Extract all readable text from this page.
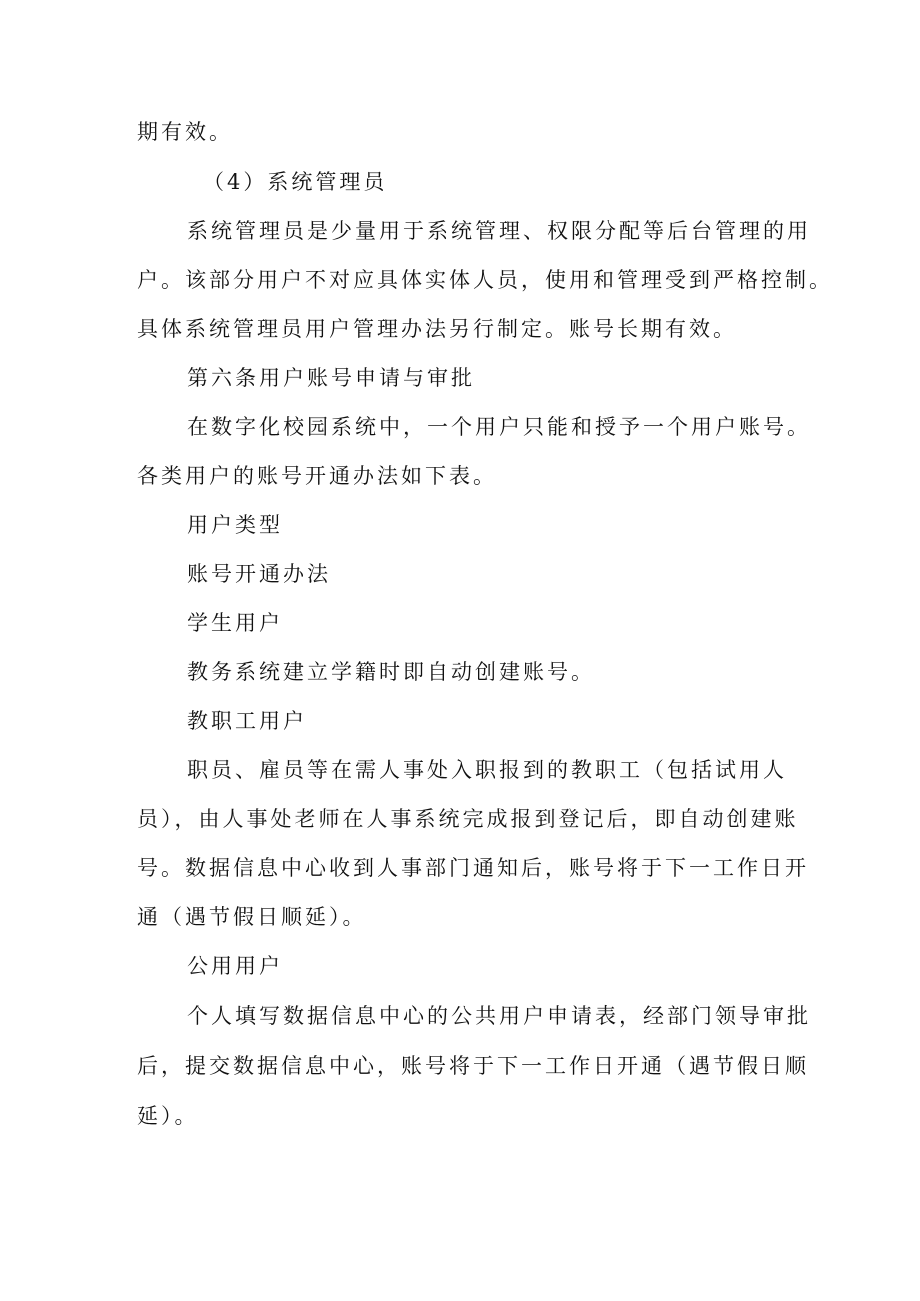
期有效。

（4）系统管理员

系统管理员是少量用于系统管理、权限分配等后台管理的用

户。该部分用户不对应具体实体人员，使用和管理受到严格控制。

具体系统管理员用户管理办法另行制定。账号长期有效。

第六条用户账号申请与审批

在数字化校园系统中，一个用户只能和授予一个用户账号。

各类用户的账号开通办法如下表。

用户类型

账号开通办法

学生用户

教务系统建立学籍时即自动创建账号。

教职工用户

职员、雇员等在需人事处入职报到的教职工（包括试用人

员），由人事处老师在人事系统完成报到登记后，即自动创建账

号。数据信息中心收到人事部门通知后，账号将于下一工作日开

通（遇节假日顺延）。

公用用户

个人填写数据信息中心的公共用户申请表，经部门领导审批

后，提交数据信息中心，账号将于下一工作日开通（遇节假日顺

延）。
